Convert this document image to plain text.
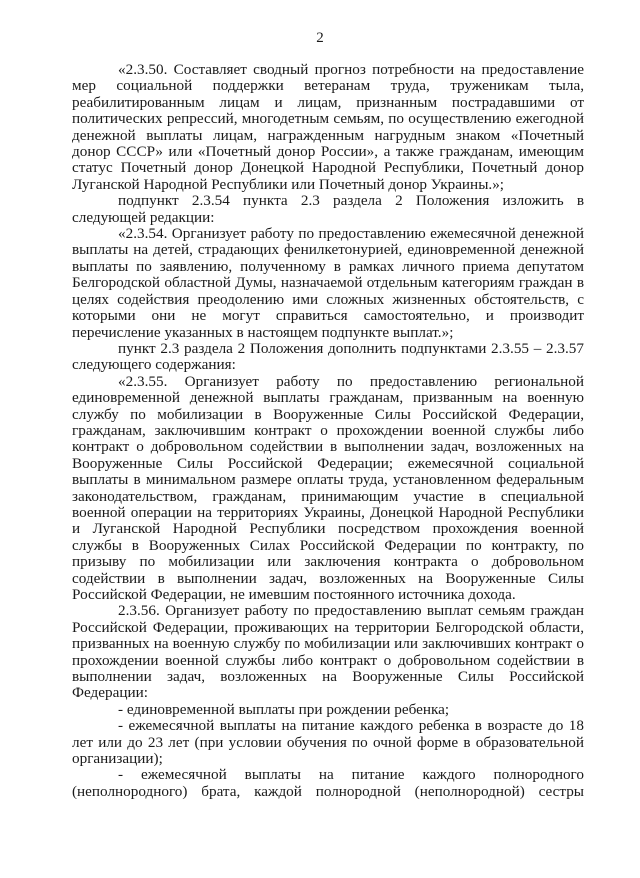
2

«2.3.50. Составляет сводный прогноз потребности на предоставление мер социальной поддержки ветеранам труда, труженикам тыла, реабилитированным лицам и лицам, признанным пострадавшими от политических репрессий, многодетным семьям, по осуществлению ежегодной денежной выплаты лицам, награжденным нагрудным знаком «Почетный донор СССР» или «Почетный донор России», а также гражданам, имеющим статус Почетный донор Донецкой Народной Республики, Почетный донор Луганской Народной Республики или Почетный донор Украины.»;

подпункт 2.3.54 пункта 2.3 раздела 2 Положения изложить в следующей редакции:

«2.3.54. Организует работу по предоставлению ежемесячной денежной выплаты на детей, страдающих фенилкетонурией, единовременной денежной выплаты по заявлению, полученному в рамках личного приема депутатом Белгородской областной Думы, назначаемой отдельным категориям граждан в целях содействия преодолению ими сложных жизненных обстоятельств, с которыми они не могут справиться самостоятельно, и производит перечисление указанных в настоящем подпункте выплат.»;

пункт 2.3 раздела 2 Положения дополнить подпунктами 2.3.55 – 2.3.57 следующего содержания:

«2.3.55. Организует работу по предоставлению региональной единовременной денежной выплаты гражданам, призванным на военную службу по мобилизации в Вооруженные Силы Российской Федерации, гражданам, заключившим контракт о прохождении военной службы либо контракт о добровольном содействии в выполнении задач, возложенных на Вооруженные Силы Российской Федерации; ежемесячной социальной выплаты в минимальном размере оплаты труда, установленном федеральным законодательством, гражданам, принимающим участие в специальной военной операции на территориях Украины, Донецкой Народной Республики и Луганской Народной Республики посредством прохождения военной службы в Вооруженных Силах Российской Федерации по контракту, по призыву по мобилизации или заключения контракта о добровольном содействии в выполнении задач, возложенных на Вооруженные Силы Российской Федерации, не имевшим постоянного источника дохода.

2.3.56. Организует работу по предоставлению выплат семьям граждан Российской Федерации, проживающих на территории Белгородской области, призванных на военную службу по мобилизации или заключивших контракт о прохождении военной службы либо контракт о добровольном содействии в выполнении задач, возложенных на Вооруженные Силы Российской Федерации:

- единовременной выплаты при рождении ребенка;

- ежемесячной выплаты на питание каждого ребенка в возрасте до 18 лет или до 23 лет (при условии обучения по очной форме в образовательной организации);

- ежемесячной выплаты на питание каждого полнородного (неполнородного) брата, каждой полнородной (неполнородной) сестры
